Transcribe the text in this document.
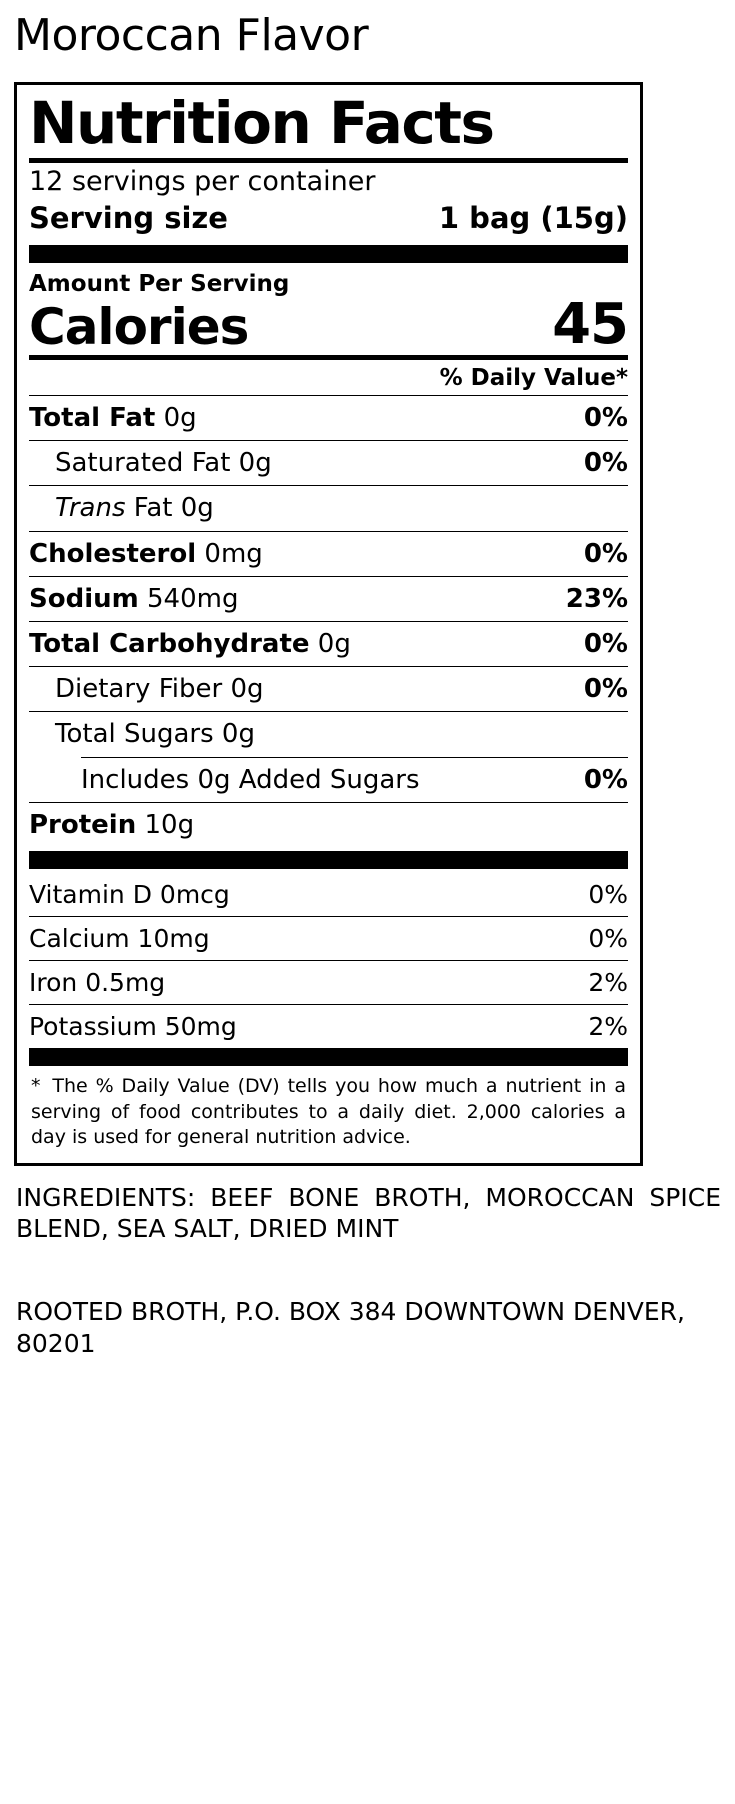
Moroccan Flavor
Nutrition Facts
12 servings per container
Serving size	1 bag (15g)
Amount Per Serving
Calories	45
% Daily Value*
Total Fat 0g	0%
Saturated Fat 0g	0%
Trans Fat 0g
Cholesterol 0mg	0%
Sodium 540mg	23%
Total Carbohydrate 0g	0%
Dietary Fiber 0g	0%
Total Sugars 0g
Includes 0g Added Sugars	0%
Protein 10g
Vitamin D 0mcg	0%
Calcium 10mg	0%
Iron 0.5mg	2%
Potassium 50mg	2%
* The % Daily Value (DV) tells you how much a nutrient in a serving of food contributes to a daily diet. 2,000 calories a day is used for general nutrition advice.
INGREDIENTS: BEEF BONE BROTH, MOROCCAN SPICE BLEND, SEA SALT, DRIED MINT
ROOTED BROTH, P.O. BOX 384 DOWNTOWN DENVER, 80201
